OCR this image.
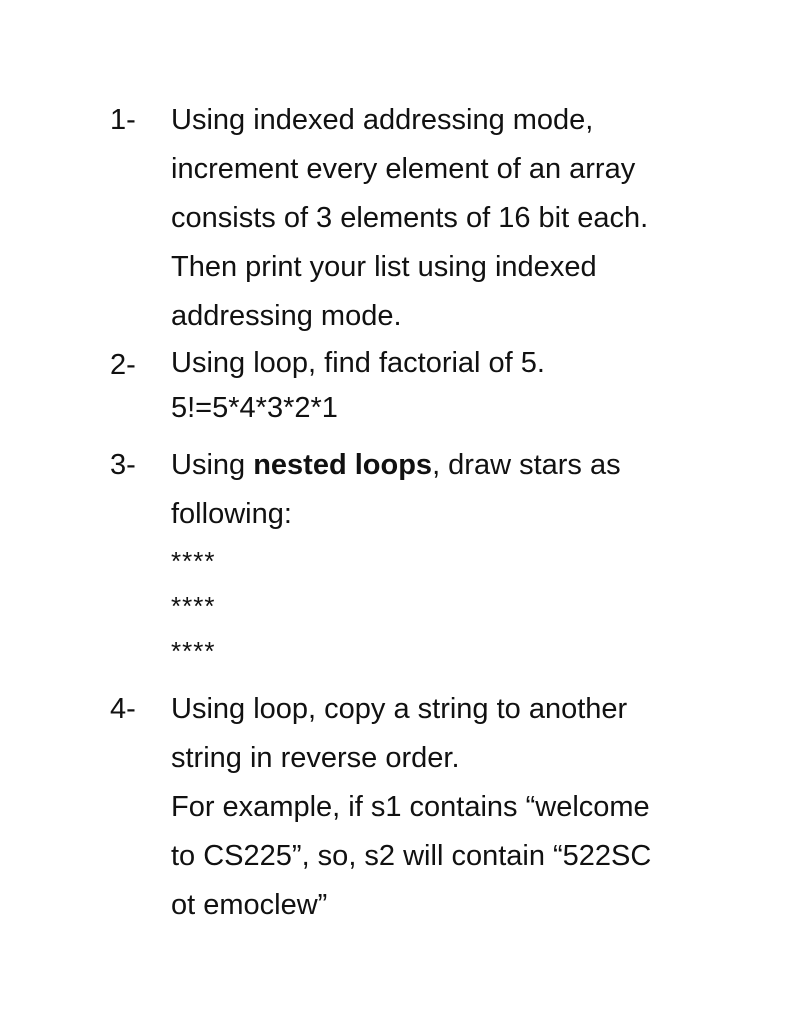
1- Using indexed addressing mode,
increment every element of an array
consists of 3 elements of 16 bit each.
Then print your list using indexed
addressing mode.
2- Using loop, find factorial of 5.
5!=5*4*3*2*1
3- Using nested loops, draw stars as
following:
****
****
****
4- Using loop, copy a string to another
string in reverse order.
For example, if s1 contains “welcome
to CS225”, so, s2 will contain “522SC
ot emoclew”
